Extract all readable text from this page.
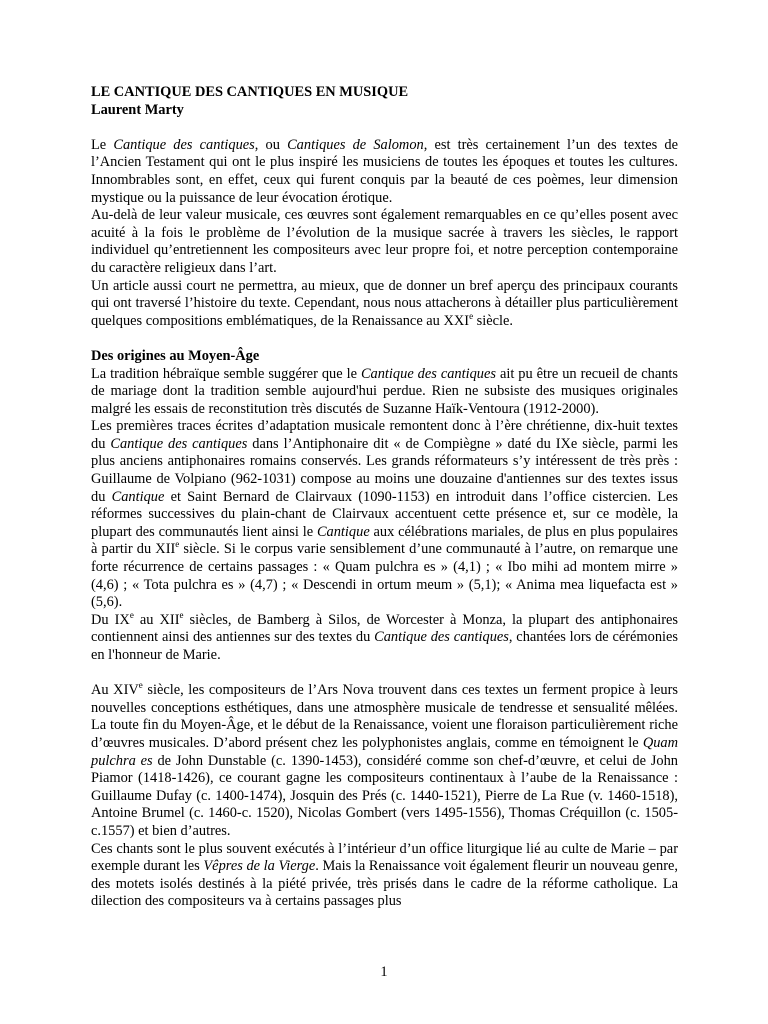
LE CANTIQUE DES CANTIQUES EN MUSIQUE

Laurent Marty

Le Cantique des cantiques, ou Cantiques de Salomon, est très certainement l’un des textes de l’Ancien Testament qui ont le plus inspiré les musiciens de toutes les époques et toutes les cultures. Innombrables sont, en effet, ceux qui furent conquis par la beauté de ces poèmes, leur dimension mystique ou la puissance de leur évocation érotique.

Au-delà de leur valeur musicale, ces œuvres sont également remarquables en ce qu’elles posent avec acuité à la fois le problème de l’évolution de la musique sacrée à travers les siècles, le rapport individuel qu’entretiennent les compositeurs avec leur propre foi, et notre perception contemporaine du caractère religieux dans l’art.

Un article aussi court ne permettra, au mieux, que de donner un bref aperçu des principaux courants qui ont traversé l’histoire du texte. Cependant, nous nous attacherons à détailler plus particulièrement quelques compositions emblématiques, de la Renaissance au XXIe siècle.

Des origines au Moyen-Âge

La tradition hébraïque semble suggérer que le Cantique des cantiques ait pu être un recueil de chants de mariage dont la tradition semble aujourd'hui perdue. Rien ne subsiste des musiques originales malgré les essais de reconstitution très discutés de Suzanne Haïk-Ventoura (1912-2000).

Les premières traces écrites d’adaptation musicale remontent donc à l’ère chrétienne, dix-huit textes du Cantique des cantiques dans l’Antiphonaire dit « de Compiègne » daté du IXe siècle, parmi les plus anciens antiphonaires romains conservés. Les grands réformateurs s’y intéressent de très près : Guillaume de Volpiano (962-1031) compose au moins une douzaine d'antiennes sur des textes issus du Cantique et Saint Bernard de Clairvaux (1090-1153) en introduit dans l’office cistercien. Les réformes successives du plain-chant de Clairvaux accentuent cette présence et, sur ce modèle, la plupart des communautés lient ainsi le Cantique aux célébrations mariales, de plus en plus populaires à partir du XIIe siècle. Si le corpus varie sensiblement d’une communauté à l’autre, on remarque une forte récurrence de certains passages : « Quam pulchra es » (4,1) ; « Ibo mihi ad montem mirre » (4,6) ; « Tota pulchra es » (4,7) ; « Descendi in ortum meum » (5,1); « Anima mea liquefacta est » (5,6).

Du IXe au XIIe siècles, de Bamberg à Silos, de Worcester à Monza, la plupart des antiphonaires contiennent ainsi des antiennes sur des textes du Cantique des cantiques, chantées lors de cérémonies en l'honneur de Marie.

Au XIVe siècle, les compositeurs de l’Ars Nova trouvent dans ces textes un ferment propice à leurs nouvelles conceptions esthétiques, dans une atmosphère musicale de tendresse et sensualité mêlées. La toute fin du Moyen-Âge, et le début de la Renaissance, voient une floraison particulièrement riche d’œuvres musicales. D’abord présent chez les polyphonistes anglais, comme en témoignent le Quam pulchra es de John Dunstable (c. 1390-1453), considéré comme son chef-d’œuvre, et celui de John Piamor (1418-1426), ce courant gagne les compositeurs continentaux à l’aube de la Renaissance : Guillaume Dufay (c. 1400-1474), Josquin des Prés (c. 1440-1521), Pierre de La Rue (v. 1460-1518), Antoine Brumel (c. 1460-c. 1520), Nicolas Gombert (vers 1495-1556), Thomas Créquillon (c. 1505-c.1557) et bien d’autres.

Ces chants sont le plus souvent exécutés à l’intérieur d’un office liturgique lié au culte de Marie – par exemple durant les Vêpres de la Vierge. Mais la Renaissance voit également fleurir un nouveau genre, des motets isolés destinés à la piété privée, très prisés dans le cadre de la réforme catholique. La dilection des compositeurs va à certains passages plus

1
